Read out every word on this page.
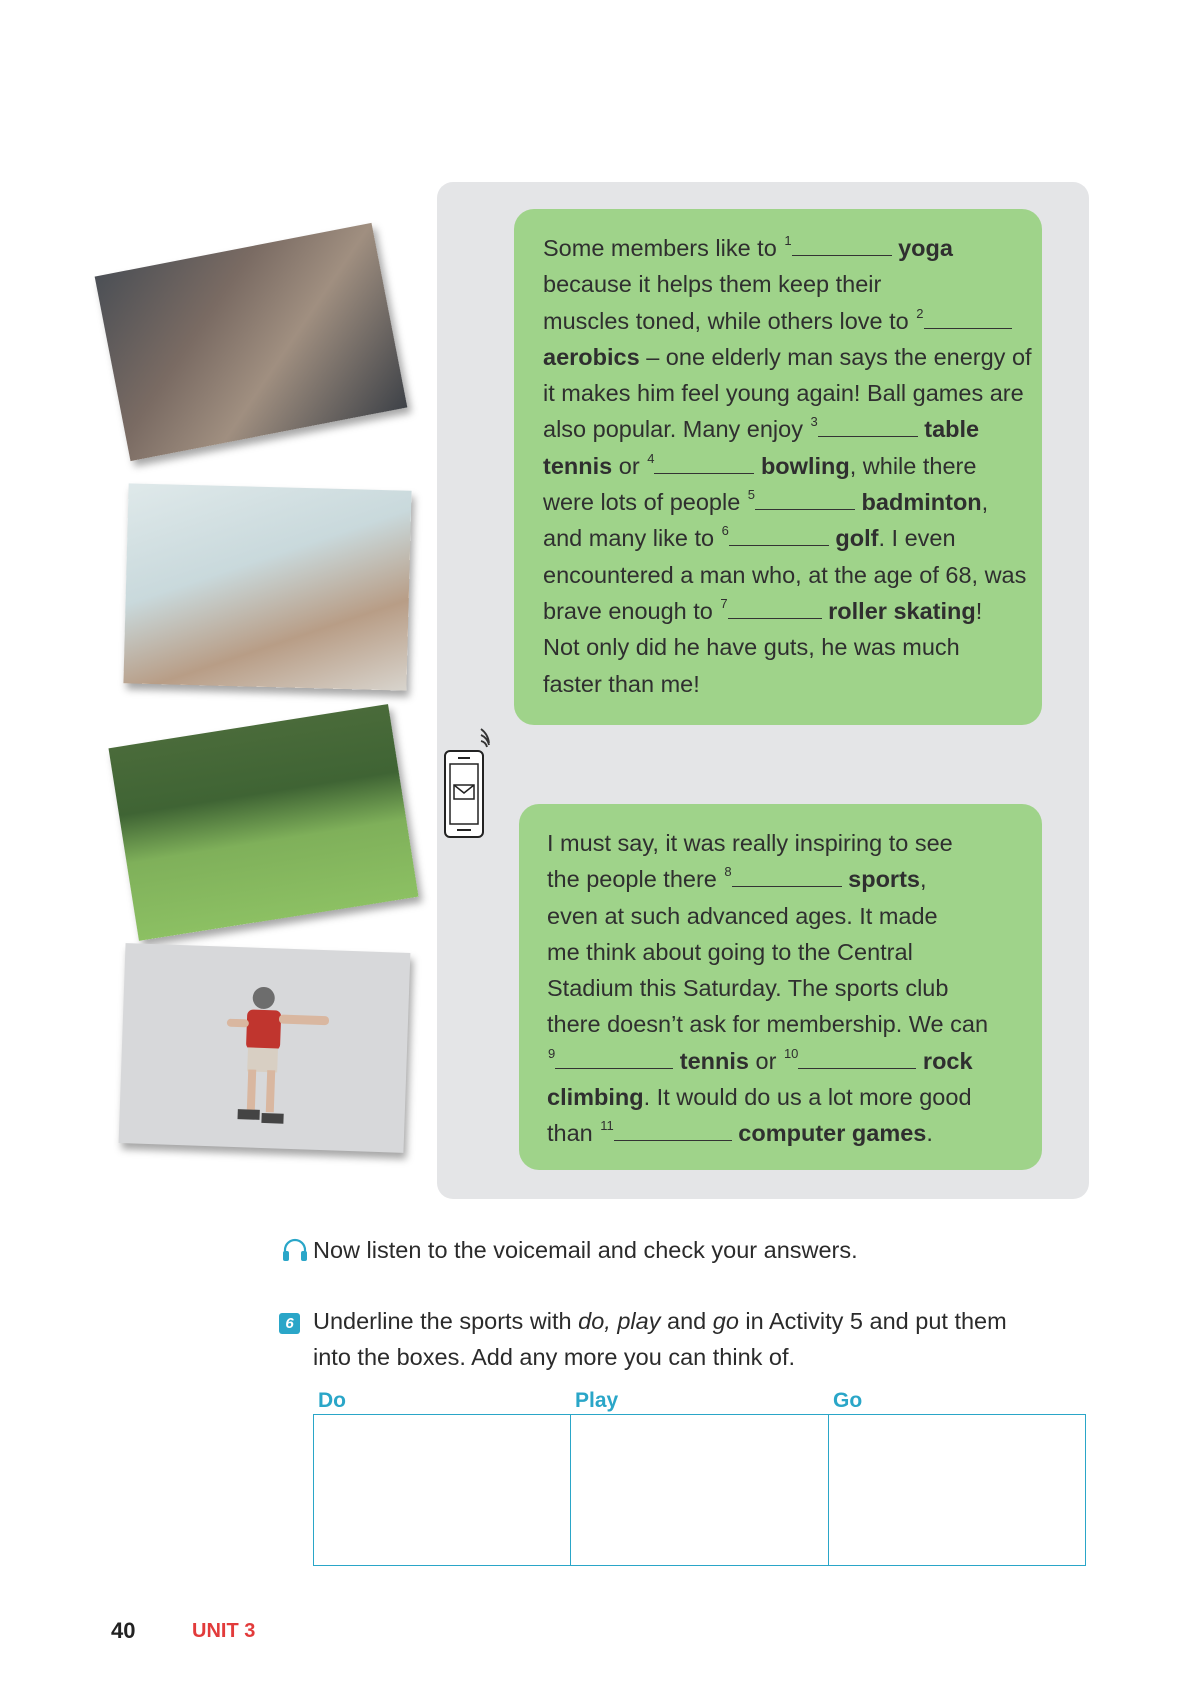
Some members like to $^1$	yoga
because it helps them keep their
muscles toned, while others love to $^2$
aerobics – one elderly man says the energy of
it makes him feel young again! Ball games are
also popular. Many enjoy $^3$	table
tennis or $^4$	bowling, while there
were lots of people $^5$	badminton,
and many like to $^6$	golf. I even
encountered a man who, at the age of 68, was
brave enough to $^7$	roller skating!
Not only did he have guts, he was much
faster than me!

I must say, it was really inspiring to see
the people there $^8$	sports,
even at such advanced ages. It made
me think about going to the Central
Stadium this Saturday. The sports club
there doesn’t ask for membership. We can
$^9$	tennis or $^{10}$	rock
climbing. It would do us a lot more good
than $^{11}$	computer games.

Now listen to the voicemail and check your answers.
6 Underline the sports with do, play and go in Activity 5 and put them
into the boxes. Add any more you can think of.
Do	Play	Go
40	UNIT 3
